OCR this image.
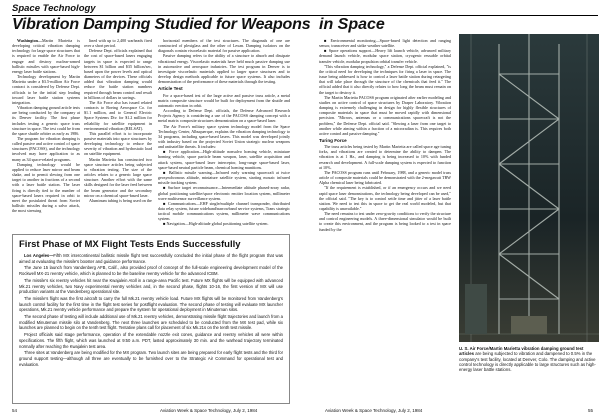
Space Technology
Vibration Damping Studied for Weapons in Space

Washington—Martin Marietta is developing critical vibration damping technology for large space structures that is required to enable the Air Force to engage and destroy nuclear-armed ballistic missiles with space-based high-energy laser battle stations.

Technology development by Martin Marietta under a $3.5-million Air Force contract is considered by Defense Dept. officials to be the initial step leading toward laser battle station systems integration.

Vibration damping ground article tests are being conducted by the company at its Denver facility. The first phase includes testing a generic space truss structure in space. The test could be from the space shuttle orbiter as early as 1986.

The program for vibration damping is called passive and active control of space structures (PACOSS), and the technology involved may have application to as many as 34 space-related programs.

Damping technology would be applied to reduce laser mirror and beam shake, and to permit slewing from one target to another in fractions of a second with a laser battle station. The laser firing is directly tied to the number of space-based lasers required in orbit to meet the postulated threat from Soviet ballistic missiles during a salvo attack, the most stressing

lined with up to 2,400 warheads fired over a short period.

Defense Dept. officials explained that the cost of space-based lasers engaging targets in space is expected to range between $1 billion and $35 billion/sec, based upon the power levels and optical diameters of the devices. These officials added that vibration damping would reduce the battle station numbers required through beam control and result in billions of dollars in savings.

The Air Force also has issued related contracts to Boeing Aerospace Co. for $1.1 million, and to General Electric Space Systems Div. for $1.2 million for reliability for satellite equipment in environmental vibration (RELSAT).

This parallel effort is to incorporate passive materials into space structures by developing technology to reduce the severity of vibration and hydrostatic load on satellite equipment.

Martin Marietta has constructed two space structure articles being subjected to vibration testing. The size of the articles relates to a generic large space structure. Another effort with the same skills designed for the laser feed between the beam generator and the secondary mirror on a chemical space-based laser.

Aluminum tubing is being used on the

horizontal members of the test structures. The diagonals of one are constructed of plexiglass and the other of Lexan. Damping isolators on the diagonals contain viscoelastic material for passive application.

Passive damping refers to the ability of a structure to absorb and dissipate vibrational energy. Viscoelastic materials have held much passive damping use in automotive and aerospace industries. The test program in Denver is to investigate viscoelastic materials applied to larger space structures and to develop design methods applicable to future space systems. It also includes demonstration of the performance of these materials through the testing.

Article Test

For a space-based test of the large active and passive truss article, a metal matrix composite structure would be built for deployment from the shuttle and automatic erection in orbit.

According to Defense Dept. officials, the Defense Advanced Research Projects Agency is considering a use of the PACOSS damping concept with a metal matrix composite structures demonstration on a space-based laser.

The Air Force's military space system technology model from the Space Technology Center, Albuquerque, explains the vibration damping technology to 34 programs, including space-based lasers. This model was developed jointly with industry based on the projected Soviet Union strategic nuclear weapons and antisatellite threats. It includes:

■ Force application—High-altitude nonsalvo homing vehicle, miniature homing vehicle, space particle beam weapon, laser, satellite acquisition and attack system, space-based laser interceptor, long-range space-based laser, space-based neutral particle beam, chemical homing munitions.

■ Ballistic missile warning—Infrared early warning spacecraft at twice geosynchronous altitude, miniature satellite system, starting mosaic infrared missile tracking system.

■ Surface target reconnaissance—Intermediate altitude phased-array radar, global positioning satellite/space electronic emitter location system, millimeter wave multisensor surveillance system.

■ Communications—EHF single/multiple channel transponder, distributed data relay system, future wideband/narrowband service systems, Trans strategic tactical mobile communications system, millimeter wave communications system.

■ Navigation—High-altitude global positioning satellite system.

■ Environmental monitoring—Space-based light detection and ranging sensor, transceiver and strike weather satellite.

■ Space operations support—Heavy lift launch vehicle, advanced military demand launch vehicle, modular space station, cryogenic reusable orbital transfer vehicle, modular propulsion orbital transfer vehicle.

"This vibration damping technology," a Defense Dept. official explained, "is the critical need for developing the techniques for firing a laser in space. The issue being addressed is how to control a laser battle station during retargeting that will take place through the structure of the chemicals that feed it." The official added that it also directly relates to how long the beam must remain on the target to destroy it.

The Martin Marietta PACOSS program originated after earlier modeling and studies on active control of space structures by Draper Laboratory. Vibration damping is extremely challenging in design for highly flexible structures of composite materials in space that must be moved rapidly with dimensional precision. "Mirrors, antennas or a communications spacecraft is not the problem," the Defense Dept. official said. "Slewing a laser from one target to another while aiming within a fraction of a microradian is. This requires both active control and passive damping."

Turing Force

The truss articles being tested by Martin Marietta are called space age tuning forks, and vibrations are created to determine the ability to dampen. The vibration is at 1 Hz., and damping is being increased to 10% with funded research and development. A full-scale damping system is expected to function at 10%.

The PACOSS program runs until February, 1988, and a generic model truss article of composite materials could be demonstrated with the 2-megawatt TRW Alpha chemical laser being fabricated.

"If the requirement is established, or if an emergency occurs and we need rapid space laser demonstrations, the technology being developed can be used," the official said. "The key is to control settle time and jitter of a laser battle station. We need to test this in space to get the real world modeled, but that capability is unavailable."

The need remains to test under zero-gravity conditions to verify the structure and control engineering models. A three-dimensional simulator would be built to create this environment, and the program is being looked to a test in space funded by the

First Phase of MX Flight Tests Ends Successfully

Los Angeles—Fifth MX intercontinental ballistic missile flight test successfully concluded the initial phase of the flight program that was aimed at evaluating the missile's booster and guidance performance.

The June 15 launch from Vandenberg AFB, Calif., also provided proof of concept of the full-scale engineering development model of the Rockwell MX-21 reentry vehicle, which is planned to be the baseline reentry vehicle for the advanced ICBM.

The missile's six reentry vehicles hit near the Kwajalein Atoll in a range-area Pacific test. Future MX flights will be equipped with advanced Mk.21 reentry vehicles, two Navy experimental reentry vehicles and, in the second phase, flights 10-16, the first version of MX will use production variants at the Vandenberg operational site.

The missile's flight was the first aircraft to carry the full Mk.21 reentry vehicle load. Future MX flights will be monitored from Vandenberg's launch control facility for the first time in the flight test series for postflight evaluation. The second phase of testing will evaluate MX launcher operations, Mk.21 reentry vehicle performance and prepare the system for operational deployment in Minuteman silos.

The second phase of testing will include additional use of Mk.21 reentry vehicles, demonstrating missile flight trajectories and launch from a modified Minuteman missile silo at Vandenberg. The next three launches are scheduled to be conducted from the MX test pad, while six launches are planned to begin on the tenth test flight. Tentative plans call for placement of six Mk.21s on the tenth test missile.

Project officials said stage performance, operation of the extendable nozzle exit cones, guidance and reentry vehicles all were within specifications. The fifth flight, which was launched at 9:50 a.m. PDT, lasted approximately 30 min. and the warhead trajectory terminated normally after reaching the Kwajalein test area.

Three sites at Vandenberg are being modified for the MX program. Two launch sites are being prepared for early flight tests and the third for ground support testing—although all three are eventually to be furnished over to the Strategic Air Command for operational test and evaluation.

U. S. Air Force/Martin Marietta vibration damping ground test articles are being subjected to vibration and dampened to 0.5% in the company's test facility, located at Denver, Colo. The damping and active control technology is directly applicable to large structures such as high-energy laser battle stations.
54	Aviation Week & Space Technology, July 2, 1984	Aviation Week & Space Technology, July 2, 1984	55
